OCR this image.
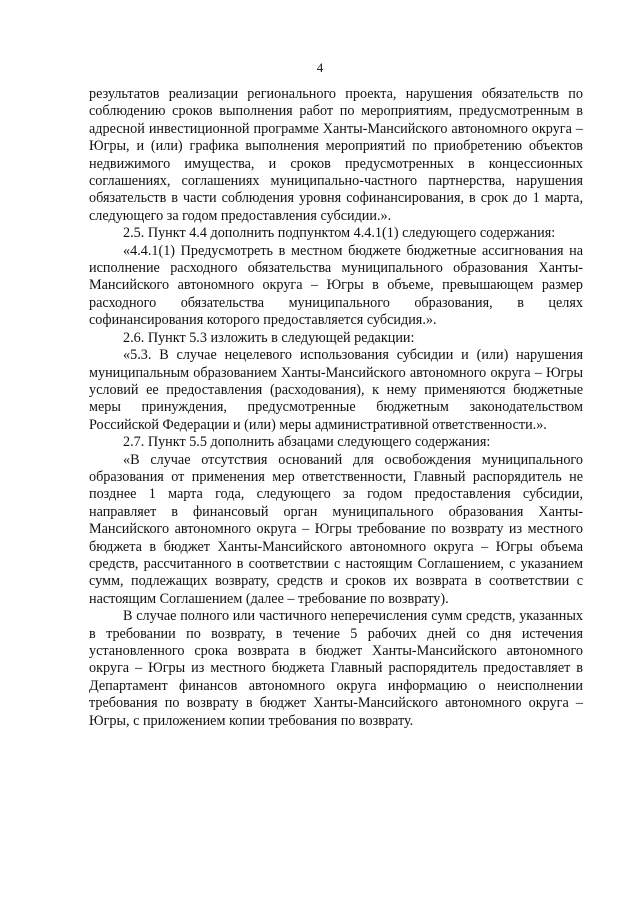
4

результатов реализации регионального проекта, нарушения обязательств по соблюдению сроков выполнения работ по мероприятиям, предусмотренным в адресной инвестиционной программе Ханты-Мансийского автономного округа – Югры, и (или) графика выполнения мероприятий по приобретению объектов недвижимого имущества, и сроков предусмотренных в концессионных соглашениях, соглашениях муниципально-частного партнерства, нарушения обязательств в части соблюдения уровня софинансирования, в срок до 1 марта, следующего за годом предоставления субсидии.».

2.5. Пункт 4.4 дополнить подпунктом 4.4.1(1) следующего содержания:

«4.4.1(1) Предусмотреть в местном бюджете бюджетные ассигнования на исполнение расходного обязательства муниципального образования Ханты-Мансийского автономного округа – Югры в объеме, превышающем размер расходного обязательства муниципального образования, в целях софинансирования которого предоставляется субсидия.».

2.6. Пункт 5.3 изложить в следующей редакции:

«5.3. В случае нецелевого использования субсидии и (или) нарушения муниципальным образованием Ханты-Мансийского автономного округа – Югры условий ее предоставления (расходования), к нему применяются бюджетные меры принуждения, предусмотренные бюджетным законодательством Российской Федерации и (или) меры административной ответственности.».

2.7. Пункт 5.5 дополнить абзацами следующего содержания:

«В случае отсутствия оснований для освобождения муниципального образования от применения мер ответственности, Главный распорядитель не позднее 1 марта года, следующего за годом предоставления субсидии, направляет в финансовый орган муниципального образования Ханты-Мансийского автономного округа – Югры требование по возврату из местного бюджета в бюджет Ханты-Мансийского автономного округа – Югры объема средств, рассчитанного в соответствии с настоящим Соглашением, с указанием сумм, подлежащих возврату, средств и сроков их возврата в соответствии с настоящим Соглашением (далее – требование по возврату).

В случае полного или частичного неперечисления сумм средств, указанных в требовании по возврату, в течение 5 рабочих дней со дня истечения установленного срока возврата в бюджет Ханты-Мансийского автономного округа – Югры из местного бюджета Главный распорядитель предоставляет в Департамент финансов автономного округа информацию о неисполнении требования по возврату в бюджет Ханты-Мансийского автономного округа – Югры, с приложением копии требования по возврату.
